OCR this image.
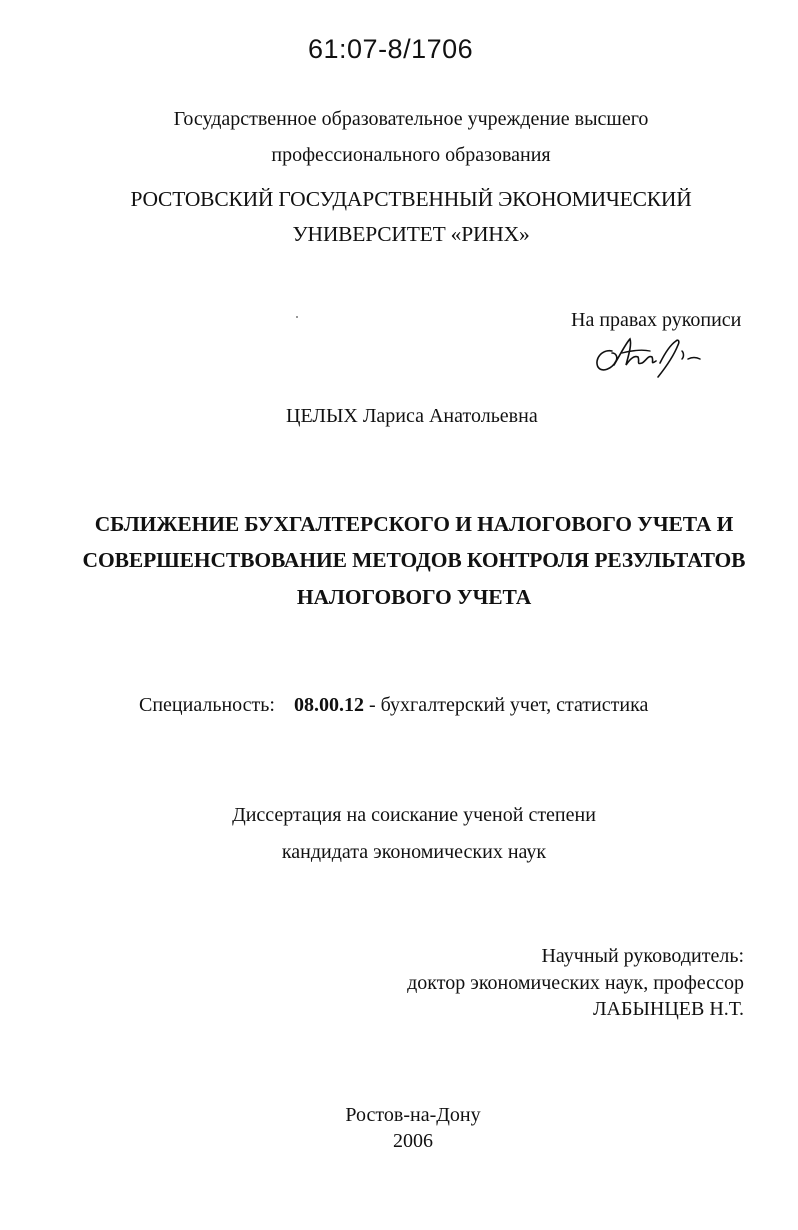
61:07-8/1706
Государственное образовательное учреждение высшего
профессионального образования
РОСТОВСКИЙ ГОСУДАРСТВЕННЫЙ ЭКОНОМИЧЕСКИЙ
УНИВЕРСИТЕТ «РИНХ»
На правах рукописи
ЦЕЛЫХ Лариса Анатольевна
СБЛИЖЕНИЕ БУХГАЛТЕРСКОГО И НАЛОГОВОГО УЧЕТА И
СОВЕРШЕНСТВОВАНИЕ МЕТОДОВ КОНТРОЛЯ РЕЗУЛЬТАТОВ
НАЛОГОВОГО УЧЕТА
Специальность: 08.00.12 - бухгалтерский учет, статистика
Диссертация на соискание ученой степени
кандидата экономических наук
Научный руководитель:
доктор экономических наук, профессор
ЛАБЫНЦЕВ Н.Т.
Ростов-на-Дону
2006
